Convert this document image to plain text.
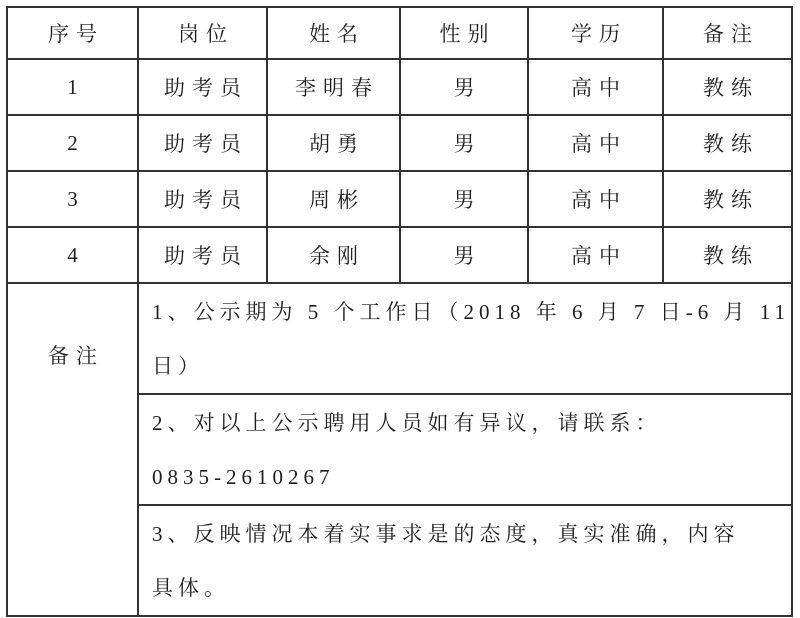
序号	岗位	姓名	性别	学历	备注
1	助考员	李明春	男	高中	教练
2	助考员	胡勇	男	高中	教练
3	助考员	周彬	男	高中	教练
4	助考员	余刚	男	高中	教练
备注	1、公示期为 5 个工作日（2018 年 6 月 7 日-6 月 11
日）				

	2、对以上公示聘用人员如有异议，请联系：
0835-2610267				

	3、反映情况本着实事求是的态度，真实准确，内容
具体。				
